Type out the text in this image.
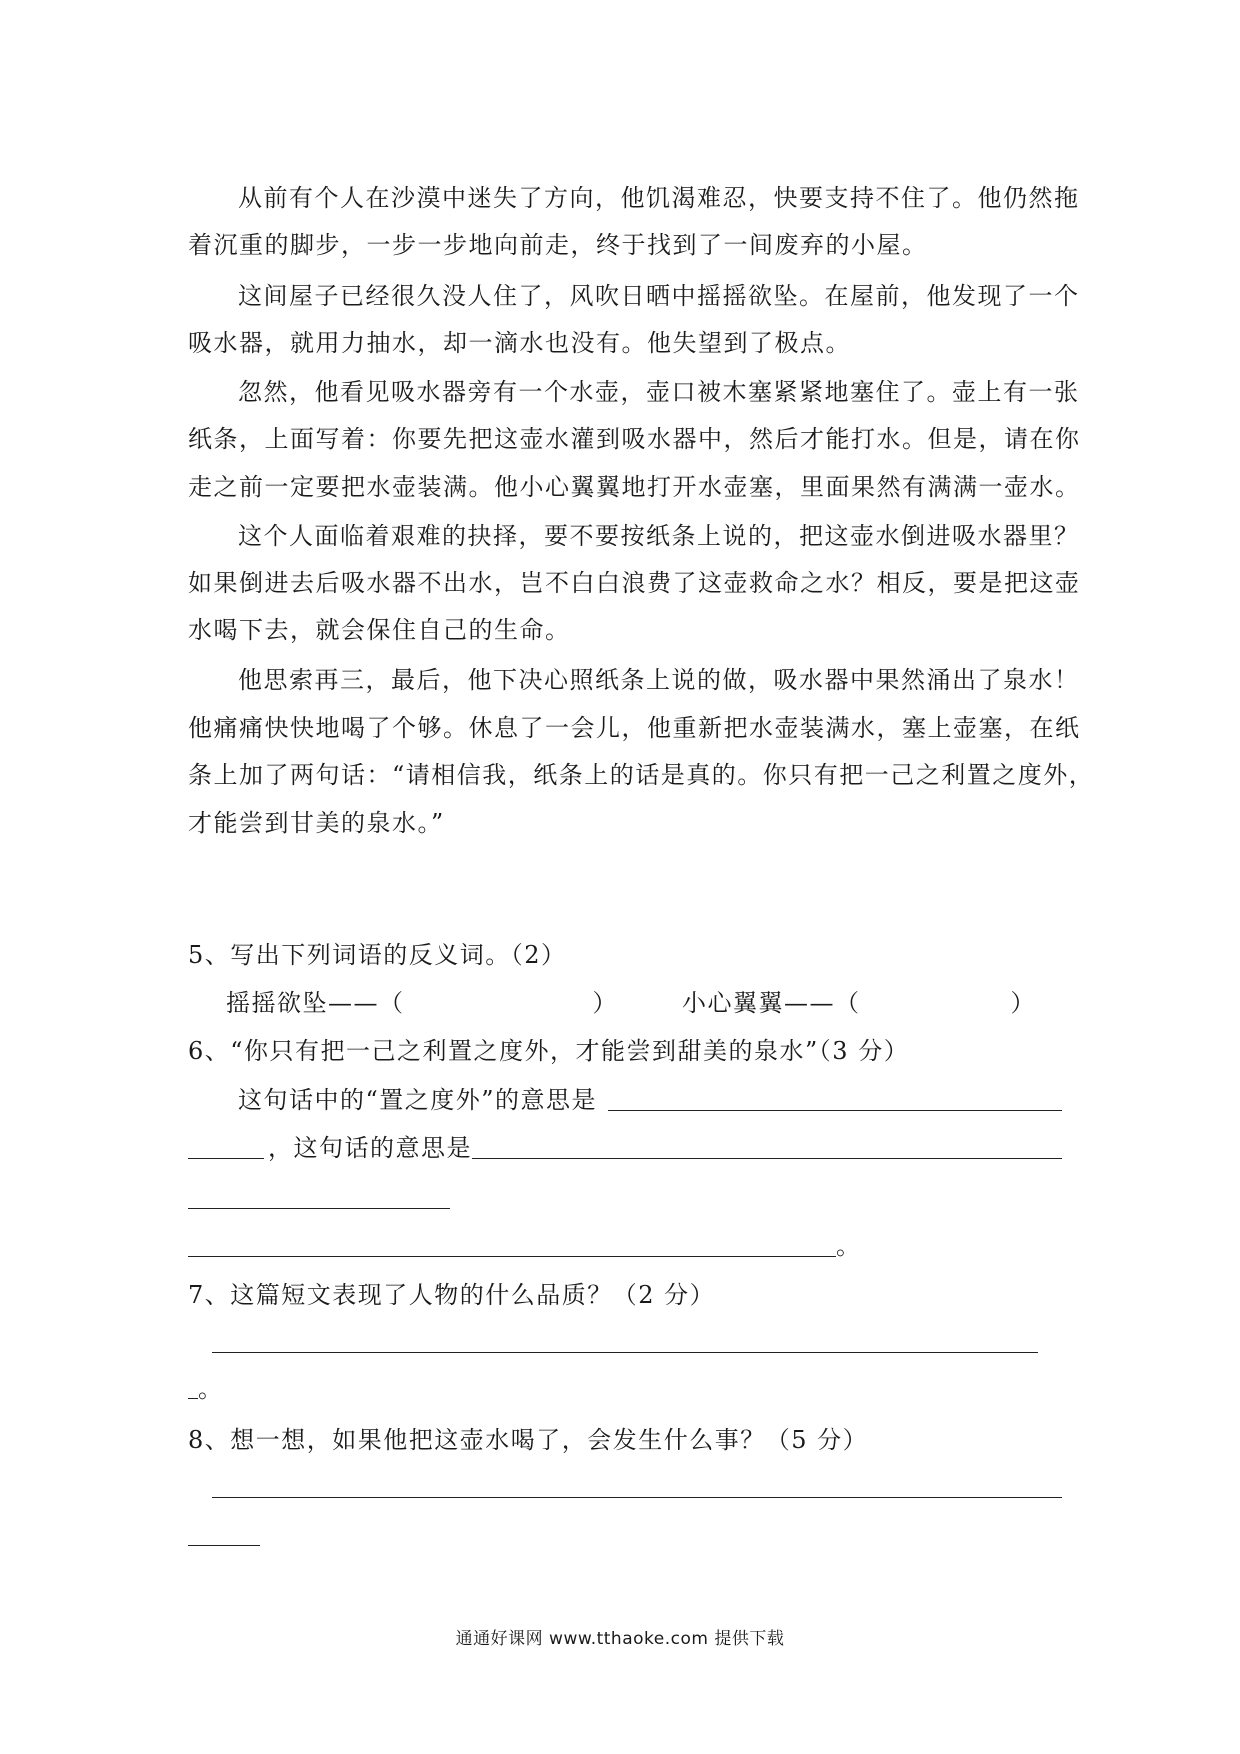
从前有个人在沙漠中迷失了方向，他饥渴难忍，快要支持不住了。他仍然拖
着沉重的脚步，一步一步地向前走，终于找到了一间废弃的小屋。
这间屋子已经很久没人住了，风吹日晒中摇摇欲坠。在屋前，他发现了一个
吸水器，就用力抽水，却一滴水也没有。他失望到了极点。
忽然，他看见吸水器旁有一个水壶，壶口被木塞紧紧地塞住了。壶上有一张
纸条，上面写着：你要先把这壶水灌到吸水器中，然后才能打水。但是，请在你
走之前一定要把水壶装满。他小心翼翼地打开水壶塞，里面果然有满满一壶水。
这个人面临着艰难的抉择，要不要按纸条上说的，把这壶水倒进吸水器里？
如果倒进去后吸水器不出水，岂不白白浪费了这壶救命之水？相反，要是把这壶
水喝下去，就会保住自己的生命。
他思索再三，最后，他下决心照纸条上说的做，吸水器中果然涌出了泉水！
他痛痛快快地喝了个够。休息了一会儿，他重新把水壶装满水，塞上壶塞，在纸
条上加了两句话：“请相信我，纸条上的话是真的。你只有把一己之利置之度外，
才能尝到甘美的泉水。”
5、写出下列词语的反义词。（2）
摇摇欲坠——（	）	小心翼翼——（	）
6、“你只有把一己之利置之度外，才能尝到甜美的泉水”（3 分）
这句话中的“置之度外”的意思是
，这句话的意思是
。
7、这篇短文表现了人物的什么品质？（2 分）
。
8、想一想，如果他把这壶水喝了，会发生什么事？（5 分）
通通好课网 www.tthaoke.com 提供下载
